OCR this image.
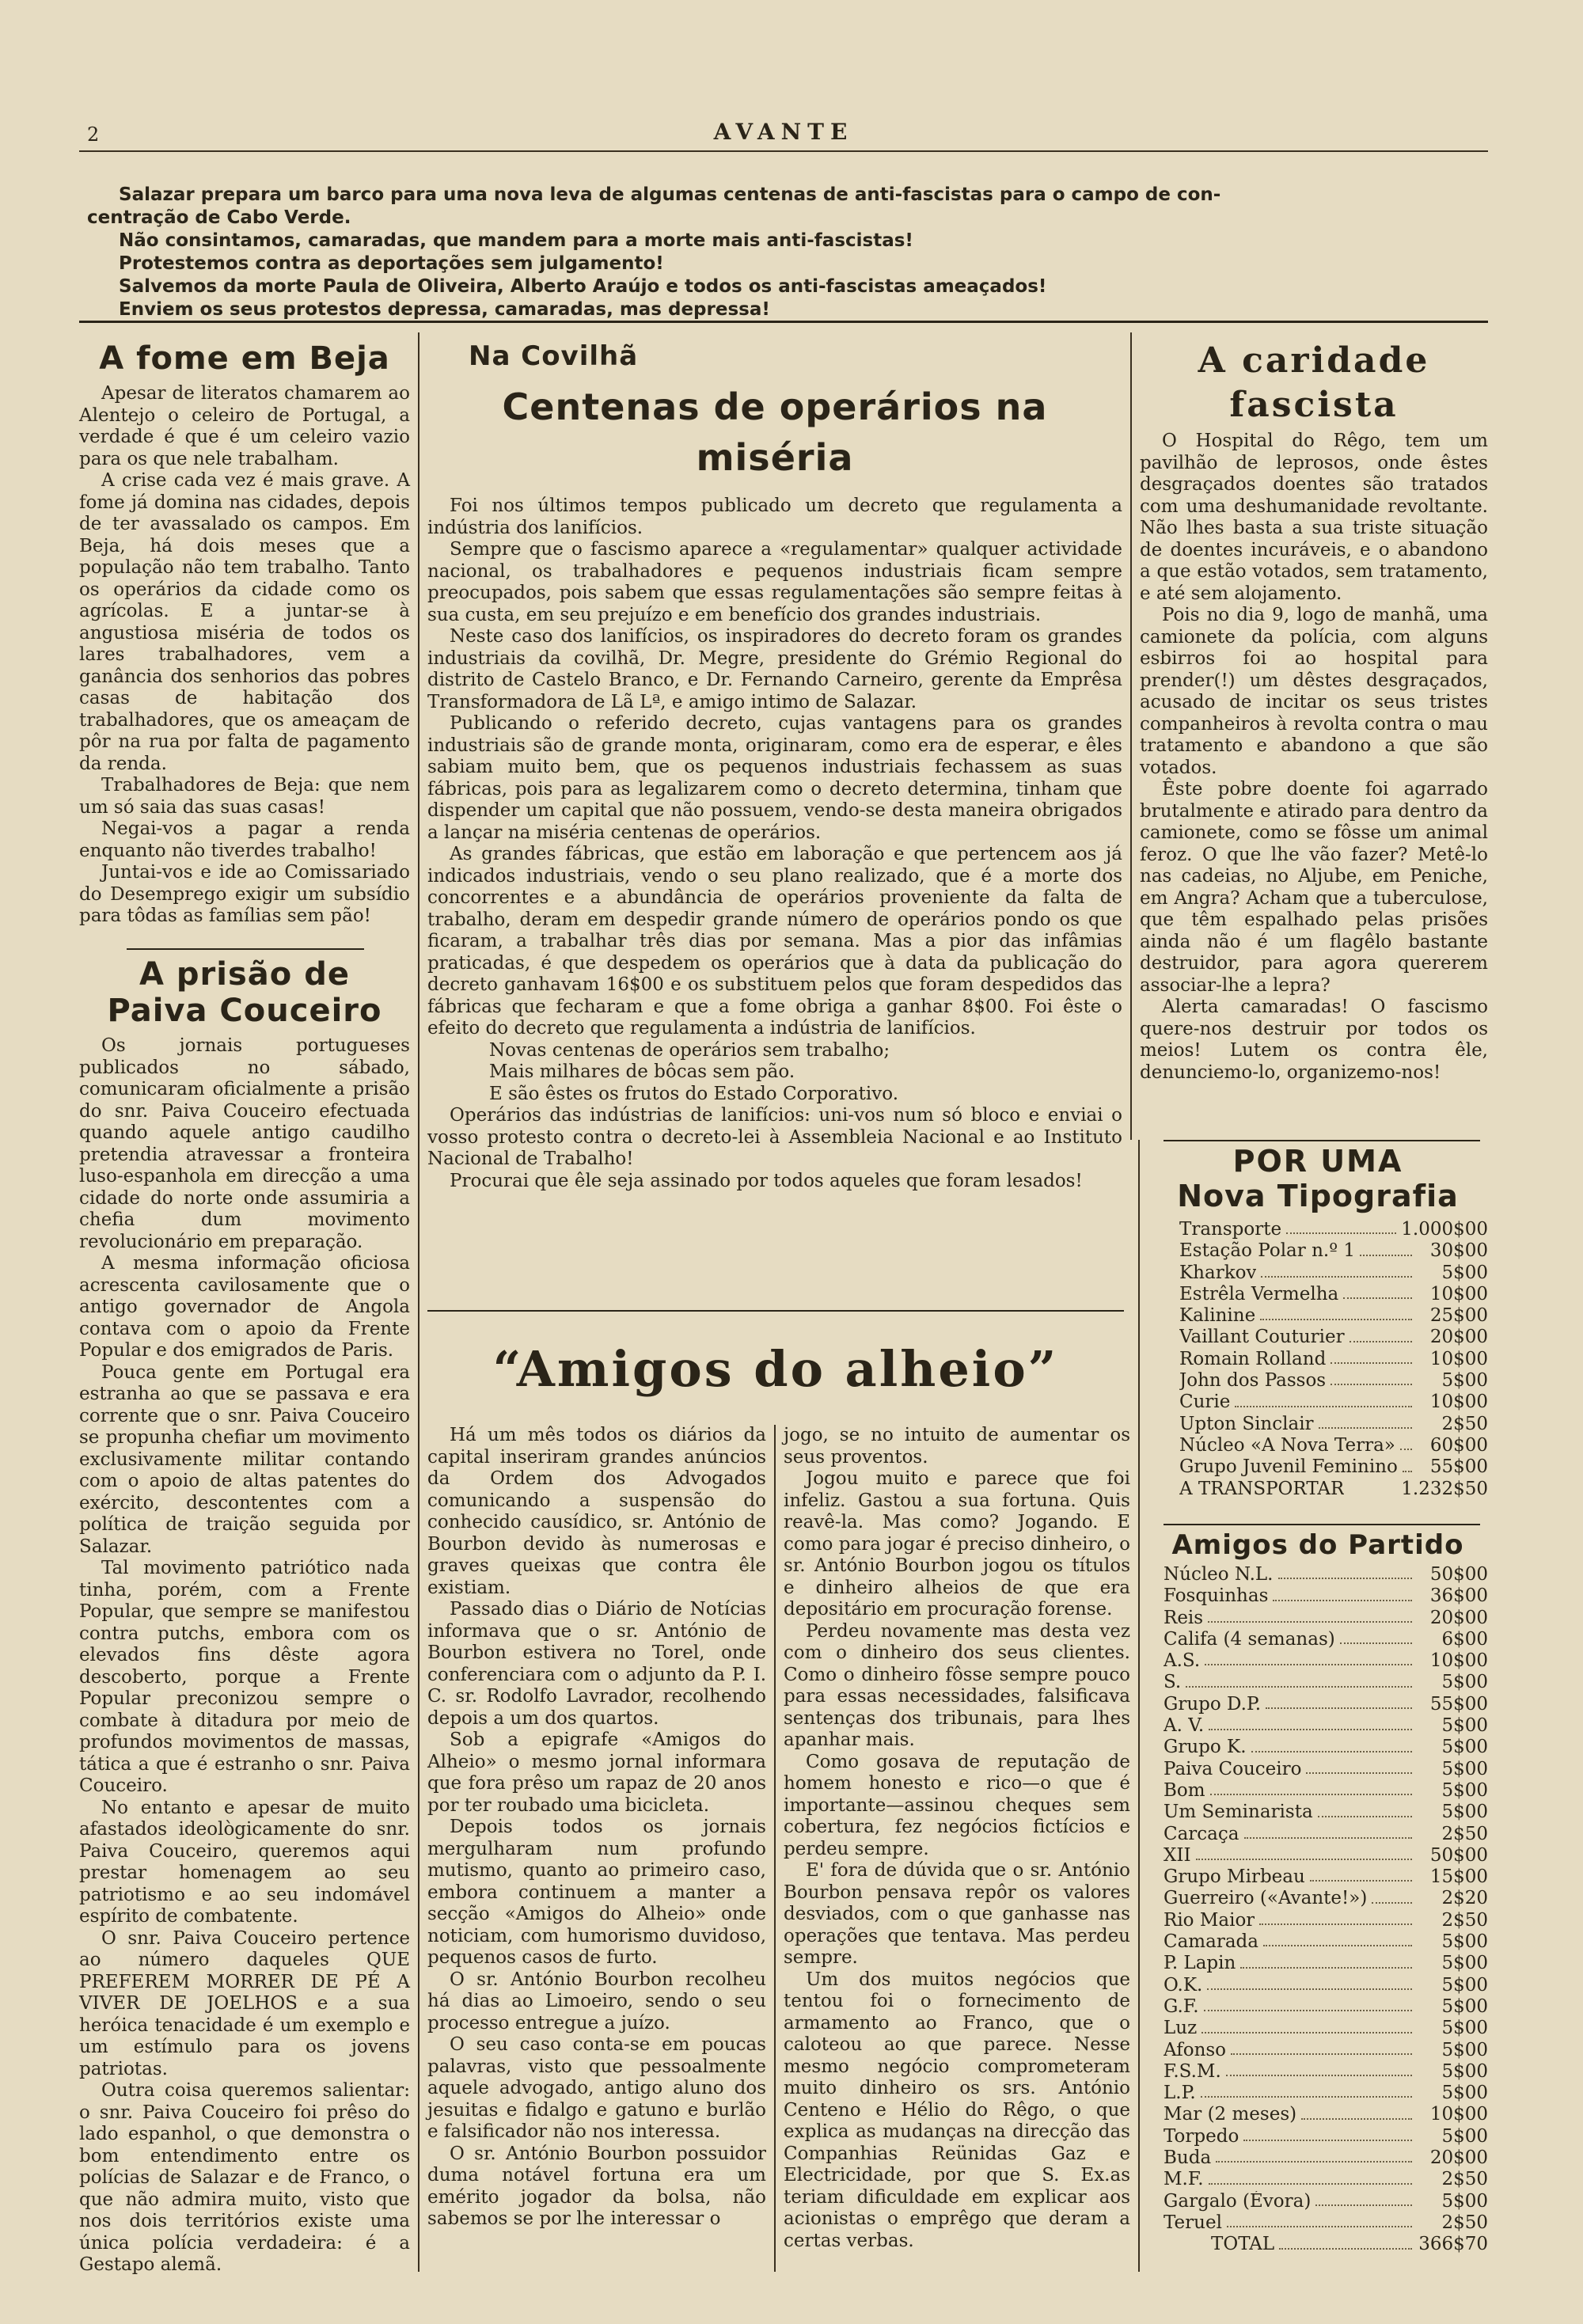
2	AVANTE
Salazar prepara um barco para uma nova leva de algumas centenas de anti-fascistas para o campo de con-
centração de Cabo Verde.
Não consintamos, camaradas, que mandem para a morte mais anti-fascistas!
Protestemos contra as deportações sem julgamento!
Salvemos da morte Paula de Oliveira, Alberto Araújo e todos os anti-fascistas ameaçados!
Enviem os seus protestos depressa, camaradas, mas depressa!
A fome em Beja

Apesar de literatos chamarem ao Alentejo o celeiro de Portugal, a verdade é que é um celeiro vazio para os que nele trabalham.

A crise cada vez é mais grave. A fome já domina nas cidades, depois de ter avassalado os campos. Em Beja, há dois meses que a população não tem trabalho. Tanto os operários da cidade como os agrícolas. E a juntar-se à angustiosa miséria de todos os lares trabalhadores, vem a ganância dos senhorios das pobres casas de habitação dos trabalhadores, que os ameaçam de pôr na rua por falta de pagamento da renda.

Trabalhadores de Beja: que nem um só saia das suas casas!

Negai-vos a pagar a renda enquanto não tiverdes trabalho!

Juntai-vos e ide ao Comissariado do Desemprego exigir um subsídio para tôdas as famílias sem pão!

A prisão de
Paiva Couceiro

Os jornais portugueses publicados no sábado, comunicaram oficialmente a prisão do snr. Paiva Couceiro efectuada quando aquele antigo caudilho pretendia atravessar a fronteira luso-espanhola em direcção a uma cidade do norte onde assumiria a chefia dum movimento revolucionário em preparação.

A mesma informação oficiosa acrescenta cavilosamente que o antigo governador de Angola contava com o apoio da Frente Popular e dos emigrados de Paris.

Pouca gente em Portugal era estranha ao que se passava e era corrente que o snr. Paiva Couceiro se propunha chefiar um movimento exclusivamente militar contando com o apoio de altas patentes do exército, descontentes com a política de traição seguida por Salazar.

Tal movimento patriótico nada tinha, porém, com a Frente Popular, que sempre se manifestou contra putchs, embora com os elevados fins dêste agora descoberto, porque a Frente Popular preconizou sempre o combate à ditadura por meio de profundos movimentos de massas, tática a que é estranho o snr. Paiva Couceiro.

No entanto e apesar de muito afastados ideològicamente do snr. Paiva Couceiro, queremos aqui prestar homenagem ao seu patriotismo e ao seu indomável espírito de combatente.

O snr. Paiva Couceiro pertence ao número daqueles QUE PREFEREM MORRER DE PÉ A VIVER DE JOELHOS e a sua heróica tenacidade é um exemplo e um estímulo para os jovens patriotas.

Outra coisa queremos salientar: o snr. Paiva Couceiro foi prêso do lado espanhol, o que demonstra o bom entendimento entre os polícias de Salazar e de Franco, o que não admira muito, visto que nos dois territórios existe uma única polícia verdadeira: é a Gestapo alemã.

Na Covilhã
Centenas de operários na miséria

Foi nos últimos tempos publicado um decreto que regulamenta a indústria dos lanifícios.

Sempre que o fascismo aparece a «regulamentar» qualquer actividade nacional, os trabalhadores e pequenos industriais ficam sempre preocupados, pois sabem que essas regulamentações são sempre feitas à sua custa, em seu prejuízo e em benefício dos grandes industriais.

Neste caso dos lanifícios, os inspiradores do decreto foram os grandes industriais da covilhã, Dr. Megre, presidente do Grémio Regional do distrito de Castelo Branco, e Dr. Fernando Carneiro, gerente da Emprêsa Transformadora de Lã Lª, e amigo intimo de Salazar.

Publicando o referido decreto, cujas vantagens para os grandes industriais são de grande monta, originaram, como era de esperar, e êles sabiam muito bem, que os pequenos industriais fechassem as suas fábricas, pois para as legalizarem como o decreto determina, tinham que dispender um capital que não possuem, vendo-se desta maneira obrigados a lançar na miséria centenas de operários.

As grandes fábricas, que estão em laboração e que pertencem aos já indicados industriais, vendo o seu plano realizado, que é a morte dos concorrentes e a abundância de operários proveniente da falta de trabalho, deram em despedir grande número de operários pondo os que ficaram, a trabalhar três dias por semana. Mas a pior das infâmias praticadas, é que despedem os operários que à data da publicação do decreto ganhavam 16$00 e os substituem pelos que foram despedidos das fábricas que fecharam e que a fome obriga a ganhar 8$00. Foi êste o efeito do decreto que regulamenta a indústria de lanifícios.

Novas centenas de operários sem trabalho;

Mais milhares de bôcas sem pão.

E são êstes os frutos do Estado Corporativo.

Operários das indústrias de lanifícios: uni-vos num só bloco e enviai o vosso protesto contra o decreto-lei à Assembleia Nacional e ao Instituto Nacional de Trabalho!

Procurai que êle seja assinado por todos aqueles que foram lesados!

“Amigos do alheio”

Há um mês todos os diários da capital inseriram grandes anúncios da Ordem dos Advogados comunicando a suspensão do conhecido causídico, sr. António de Bourbon devido às numerosas e graves queixas que contra êle existiam.

Passado dias o Diário de Notícias informava que o sr. António de Bourbon estivera no Torel, onde conferenciara com o adjunto da P. I. C. sr. Rodolfo Lavrador, recolhendo depois a um dos quartos.

Sob a epigrafe «Amigos do Alheio» o mesmo jornal informara que fora prêso um rapaz de 20 anos por ter roubado uma bicicleta.

Depois todos os jornais mergulharam num profundo mutismo, quanto ao primeiro caso, embora continuem a manter a secção «Amigos do Alheio» onde noticiam, com humorismo duvidoso, pequenos casos de furto.

O sr. António Bourbon recolheu há dias ao Limoeiro, sendo o seu processo entregue a juízo.

O seu caso conta-se em poucas palavras, visto que pessoalmente aquele advogado, antigo aluno dos jesuitas e fidalgo e gatuno e burlão e falsificador não nos interessa.

O sr. António Bourbon possuidor duma notável fortuna era um emérito jogador da bolsa, não sabemos se por lhe interessar o

jogo, se no intuito de aumentar os seus proventos.

Jogou muito e parece que foi infeliz. Gastou a sua fortuna. Quis reavê-la. Mas como? Jogando. E como para jogar é preciso dinheiro, o sr. António Bourbon jogou os títulos e dinheiro alheios de que era depositário em procuração forense.

Perdeu novamente mas desta vez com o dinheiro dos seus clientes. Como o dinheiro fôsse sempre pouco para essas necessidades, falsificava sentenças dos tribunais, para lhes apanhar mais.

Como gosava de reputação de homem honesto e rico—o que é importante—assinou cheques sem cobertura, fez negócios fictícios e perdeu sempre.

E' fora de dúvida que o sr. António Bourbon pensava repôr os valores desviados, com o que ganhasse nas operações que tentava. Mas perdeu sempre.

Um dos muitos negócios que tentou foi o fornecimento de armamento ao Franco, que o caloteou ao que parece. Nesse mesmo negócio comprometeram muito dinheiro os srs. António Centeno e Hélio do Rêgo, o que explica as mudanças na direcção das Companhias Reünidas Gaz e Electricidade, por que S. Ex.as teriam dificuldade em explicar aos acionistas o emprêgo que deram a certas verbas.

A caridade
fascista

O Hospital do Rêgo, tem um pavilhão de leprosos, onde êstes desgraçados doentes são tratados com uma deshumanidade revoltante. Não lhes basta a sua triste situação de doentes incuráveis, e o abandono a que estão votados, sem tratamento, e até sem alojamento.

Pois no dia 9, logo de manhã, uma camionete da polícia, com alguns esbirros foi ao hospital para prender(!) um dêstes desgraçados, acusado de incitar os seus tristes companheiros à revolta contra o mau tratamento e abandono a que são votados.

Êste pobre doente foi agarrado brutalmente e atirado para dentro da camionete, como se fôsse um animal feroz. O que lhe vão fazer? Metê-lo nas cadeias, no Aljube, em Peniche, em Angra? Acham que a tuberculose, que têm espalhado pelas prisões ainda não é um flagêlo bastante destruidor, para agora quererem associar-lhe a lepra?

Alerta camaradas! O fascismo quere-nos destruir por todos os meios! Lutem os contra êle, denunciemo-lo, organizemo-nos!

POR UMA
Nova Tipografia
Transporte	1.000$00
Estação Polar n.º 1	30$00
Kharkov	5$00
Estrêla Vermelha	10$00
Kalinine	25$00
Vaillant Couturier	20$00
Romain Rolland	10$00
John dos Passos	5$00
Curie	10$00
Upton Sinclair	2$50
Núcleo «A Nova Terra»	60$00
Grupo Juvenil Feminino	55$00
A TRANSPORTAR	1.232$50
Amigos do Partido
Núcleo N.L.	50$00
Fosquinhas	36$00
Reis	20$00
Califa (4 semanas)	6$00
A.S.	10$00
S.	5$00
Grupo D.P.	55$00
A. V.	5$00
Grupo K.	5$00
Paiva Couceiro	5$00
Bom	5$00
Um Seminarista	5$00
Carcaça	2$50
XII	50$00
Grupo Mirbeau	15$00
Guerreiro («Avante!»)	2$20
Rio Maior	2$50
Camarada	5$00
P. Lapin	5$00
O.K.	5$00
G.F.	5$00
Luz	5$00
Afonso	5$00
F.S.M.	5$00
L.P.	5$00
Mar (2 meses)	10$00
Torpedo	5$00
Buda	20$00
M.F.	2$50
Gargalo (Évora)	5$00
Teruel	2$50
TOTAL	366$70
